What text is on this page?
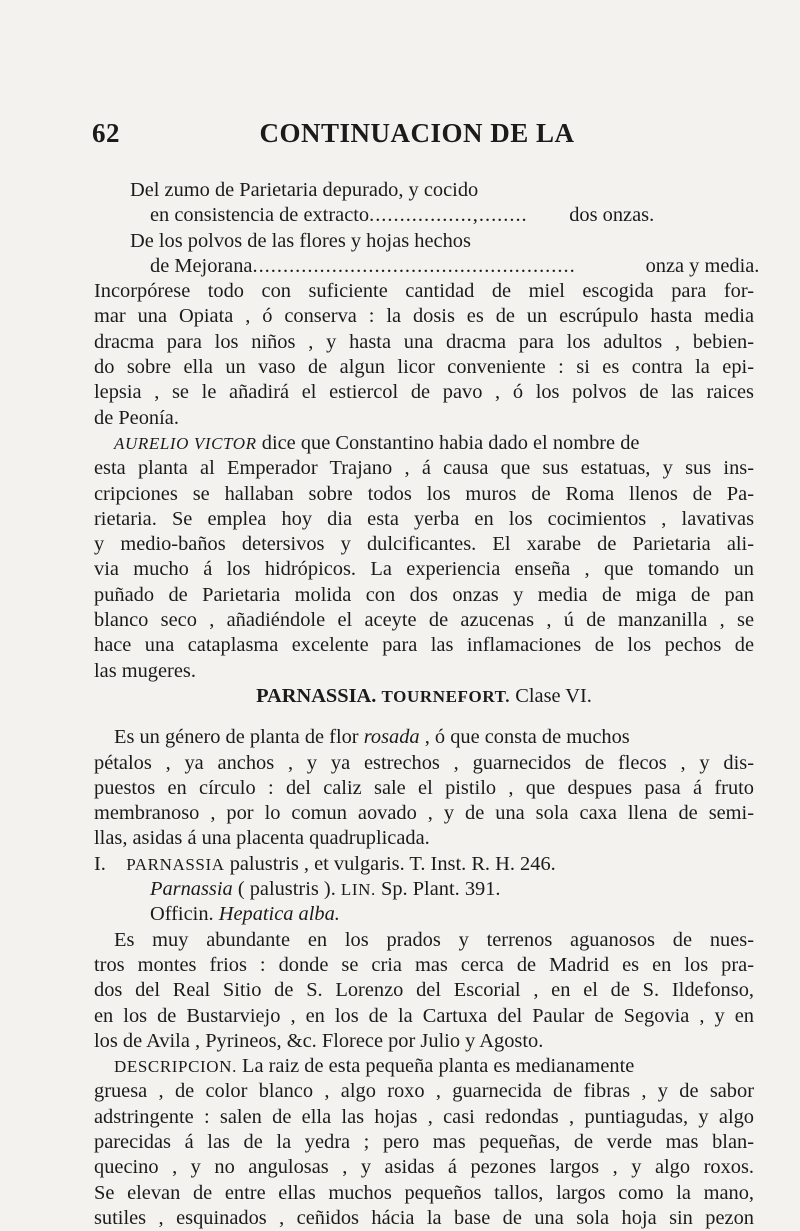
62	CONTINUACION DE LA
Del zumo de Parietaria depurado, y cocido
en consistencia de extracto.................,........ dos onzas.
De los polvos de las flores y hojas hechos
de Mejorana.....................................................	onza y media.
Incorpórese todo con suficiente cantidad de miel escogida para for-
mar una Opiata , ó conserva : la dosis es de un escrúpulo hasta media
dracma para los niños , y hasta una dracma para los adultos , bebien-
do sobre ella un vaso de algun licor conveniente : si es contra la epi-
lepsia , se le añadirá el estiercol de pavo , ó los polvos de las raices
de Peonía.
AURELIO VICTOR dice que Constantino habia dado el nombre de
esta planta al Emperador Trajano , á causa que sus estatuas, y sus ins-
cripciones se hallaban sobre todos los muros de Roma llenos de Pa-
rietaria. Se emplea hoy dia esta yerba en los cocimientos , lavativas
y medio-baños detersivos y dulcificantes. El xarabe de Parietaria ali-
via mucho á los hidrópicos. La experiencia enseña , que tomando un
puñado de Parietaria molida con dos onzas y media de miga de pan
blanco seco , añadiéndole el aceyte de azucenas , ú de manzanilla , se
hace una cataplasma excelente para las inflamaciones de los pechos de
las mugeres.
PARNASSIA. TOURNEFORT. Clase VI.
Es un género de planta de flor rosada , ó que consta de muchos
pétalos , ya anchos , y ya estrechos , guarnecidos de flecos , y dis-
puestos en círculo : del caliz sale el pistilo , que despues pasa á fruto
membranoso , por lo comun aovado , y de una sola caxa llena de semi-
llas, asidas á una placenta quadruplicada.
I. PARNASSIA palustris , et vulgaris. T. Inst. R. H. 246.
Parnassia ( palustris ). LIN. Sp. Plant. 391.
Officin. Hepatica alba.
Es muy abundante en los prados y terrenos aguanosos de nues-
tros montes frios : donde se cria mas cerca de Madrid es en los pra-
dos del Real Sitio de S. Lorenzo del Escorial , en el de S. Ildefonso,
en los de Bustarviejo , en los de la Cartuxa del Paular de Segovia , y en
los de Avila , Pyrineos, &c. Florece por Julio y Agosto.
DESCRIPCION. La raiz de esta pequeña planta es medianamente
gruesa , de color blanco , algo roxo , guarnecida de fibras , y de sabor
adstringente : salen de ella las hojas , casi redondas , puntiagudas, y algo
parecidas á las de la yedra ; pero mas pequeñas, de verde mas blan-
quecino , y no angulosas , y asidas á pezones largos , y algo roxos.
Se elevan de entre ellas muchos pequeños tallos, largos como la mano,
sutiles , esquinados , ceñidos hácia la base de una sola hoja sin pezon
